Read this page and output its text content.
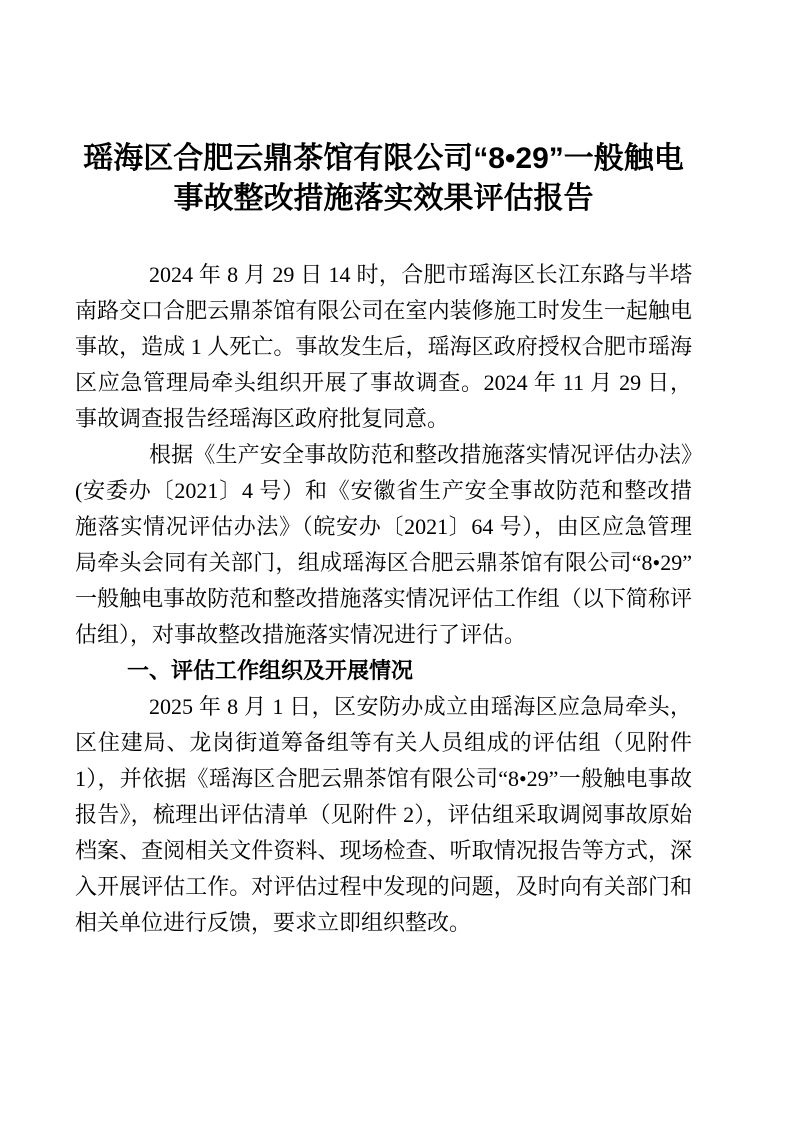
瑶海区合肥云鼎茶馆有限公司“8•29”一般触电事故整改措施落实效果评估报告

2024 年 8 月 29 日 14 时，合肥市瑶海区长江东路与半塔南路交口合肥云鼎茶馆有限公司在室内装修施工时发生一起触电事故，造成 1 人死亡。事故发生后，瑶海区政府授权合肥市瑶海区应急管理局牵头组织开展了事故调查。2024 年 11 月 29 日，事故调查报告经瑶海区政府批复同意。

根据《生产安全事故防范和整改措施落实情况评估办法》(安委办〔2021〕4 号）和《安徽省生产安全事故防范和整改措施落实情况评估办法》（皖安办〔2021〕64 号），由区应急管理局牵头会同有关部门，组成瑶海区合肥云鼎茶馆有限公司“8•29”一般触电事故防范和整改措施落实情况评估工作组（以下简称评估组），对事故整改措施落实情况进行了评估。

一、评估工作组织及开展情况

2025 年 8 月 1 日，区安防办成立由瑶海区应急局牵头，区住建局、龙岗街道筹备组等有关人员组成的评估组（见附件 1），并依据《瑶海区合肥云鼎茶馆有限公司“8•29”一般触电事故报告》，梳理出评估清单（见附件 2），评估组采取调阅事故原始档案、查阅相关文件资料、现场检查、听取情况报告等方式，深入开展评估工作。对评估过程中发现的问题，及时向有关部门和相关单位进行反馈，要求立即组织整改。
